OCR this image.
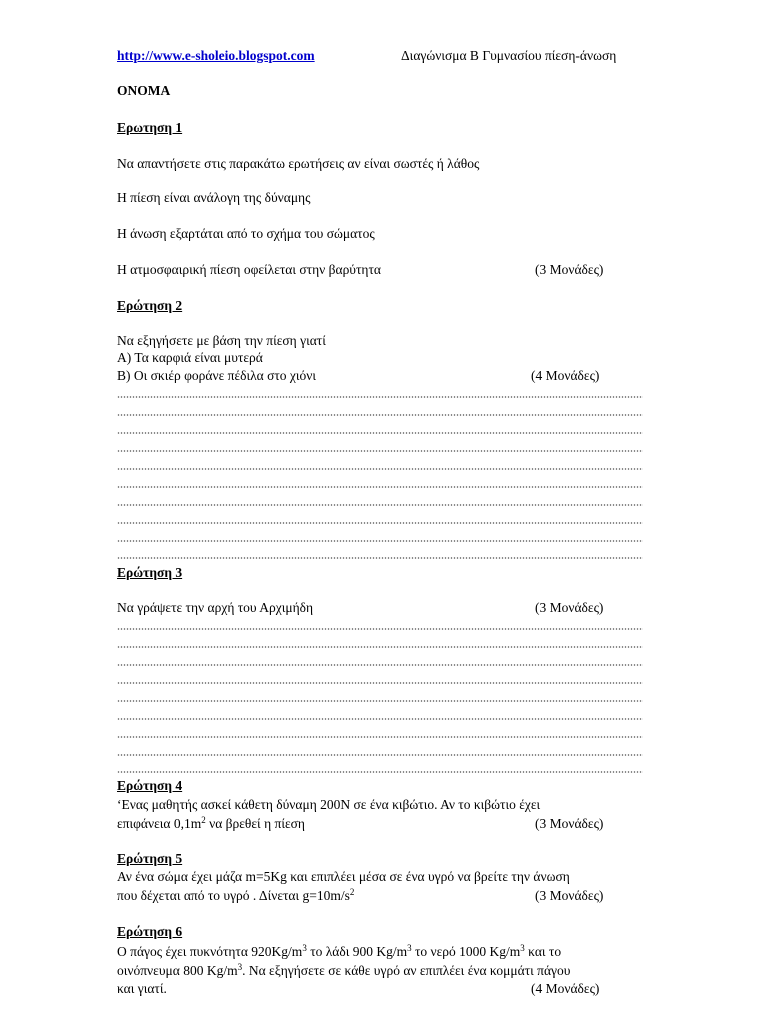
http://www.e-sholeio.blogspot.com	Διαγώνισμα Β Γυμνασίου πίεση-άνωση
ΟΝΟΜΑ
Ερωτηση 1
Να απαντήσετε στις παρακάτω ερωτήσεις αν είναι σωστές ή λάθος
Η πίεση είναι ανάλογη της δύναμης
Η άνωση εξαρτάται από το σχήμα του σώματος
Η ατμοσφαιρική πίεση οφείλεται στην βαρύτητα	(3 Μονάδες)
Ερώτηση 2
Να εξηγήσετε με βάση την πίεση γιατί
Α) Τα καρφιά είναι μυτερά
Β) Οι σκιέρ φοράνε πέδιλα στο χιόνι	(4 Μονάδες)
Ερώτηση 3
Να γράψετε την αρχή του Αρχιμήδη	(3 Μονάδες)
Ερώτηση 4
‘Ενας μαθητής ασκεί κάθετη δύναμη 200Ν σε ένα κιβώτιο. Αν το κιβώτιο έχει
επιφάνεια $0,1m^2$ να βρεθεί η πίεση	(3 Μονάδες)
Ερώτηση 5
Αν ένα σώμα έχει μάζα m=5Kg και επιπλέει μέσα σε ένα υγρό να βρείτε την άνωση
που δέχεται από το υγρό . Δίνεται $g=10m/s^2$	(3 Μονάδες)
Ερώτηση 6
Ο πάγος έχει πυκνότητα $920Kg/m^3$ το λάδι 900 $Kg/m^3$ το νερό 1000 $Kg/m^3$ και το
οινόπνευμα 800 $Kg/m^3$. Να εξηγήσετε σε κάθε υγρό αν επιπλέει ένα κομμάτι πάγου
και γιατί.	(4 Μονάδες)
